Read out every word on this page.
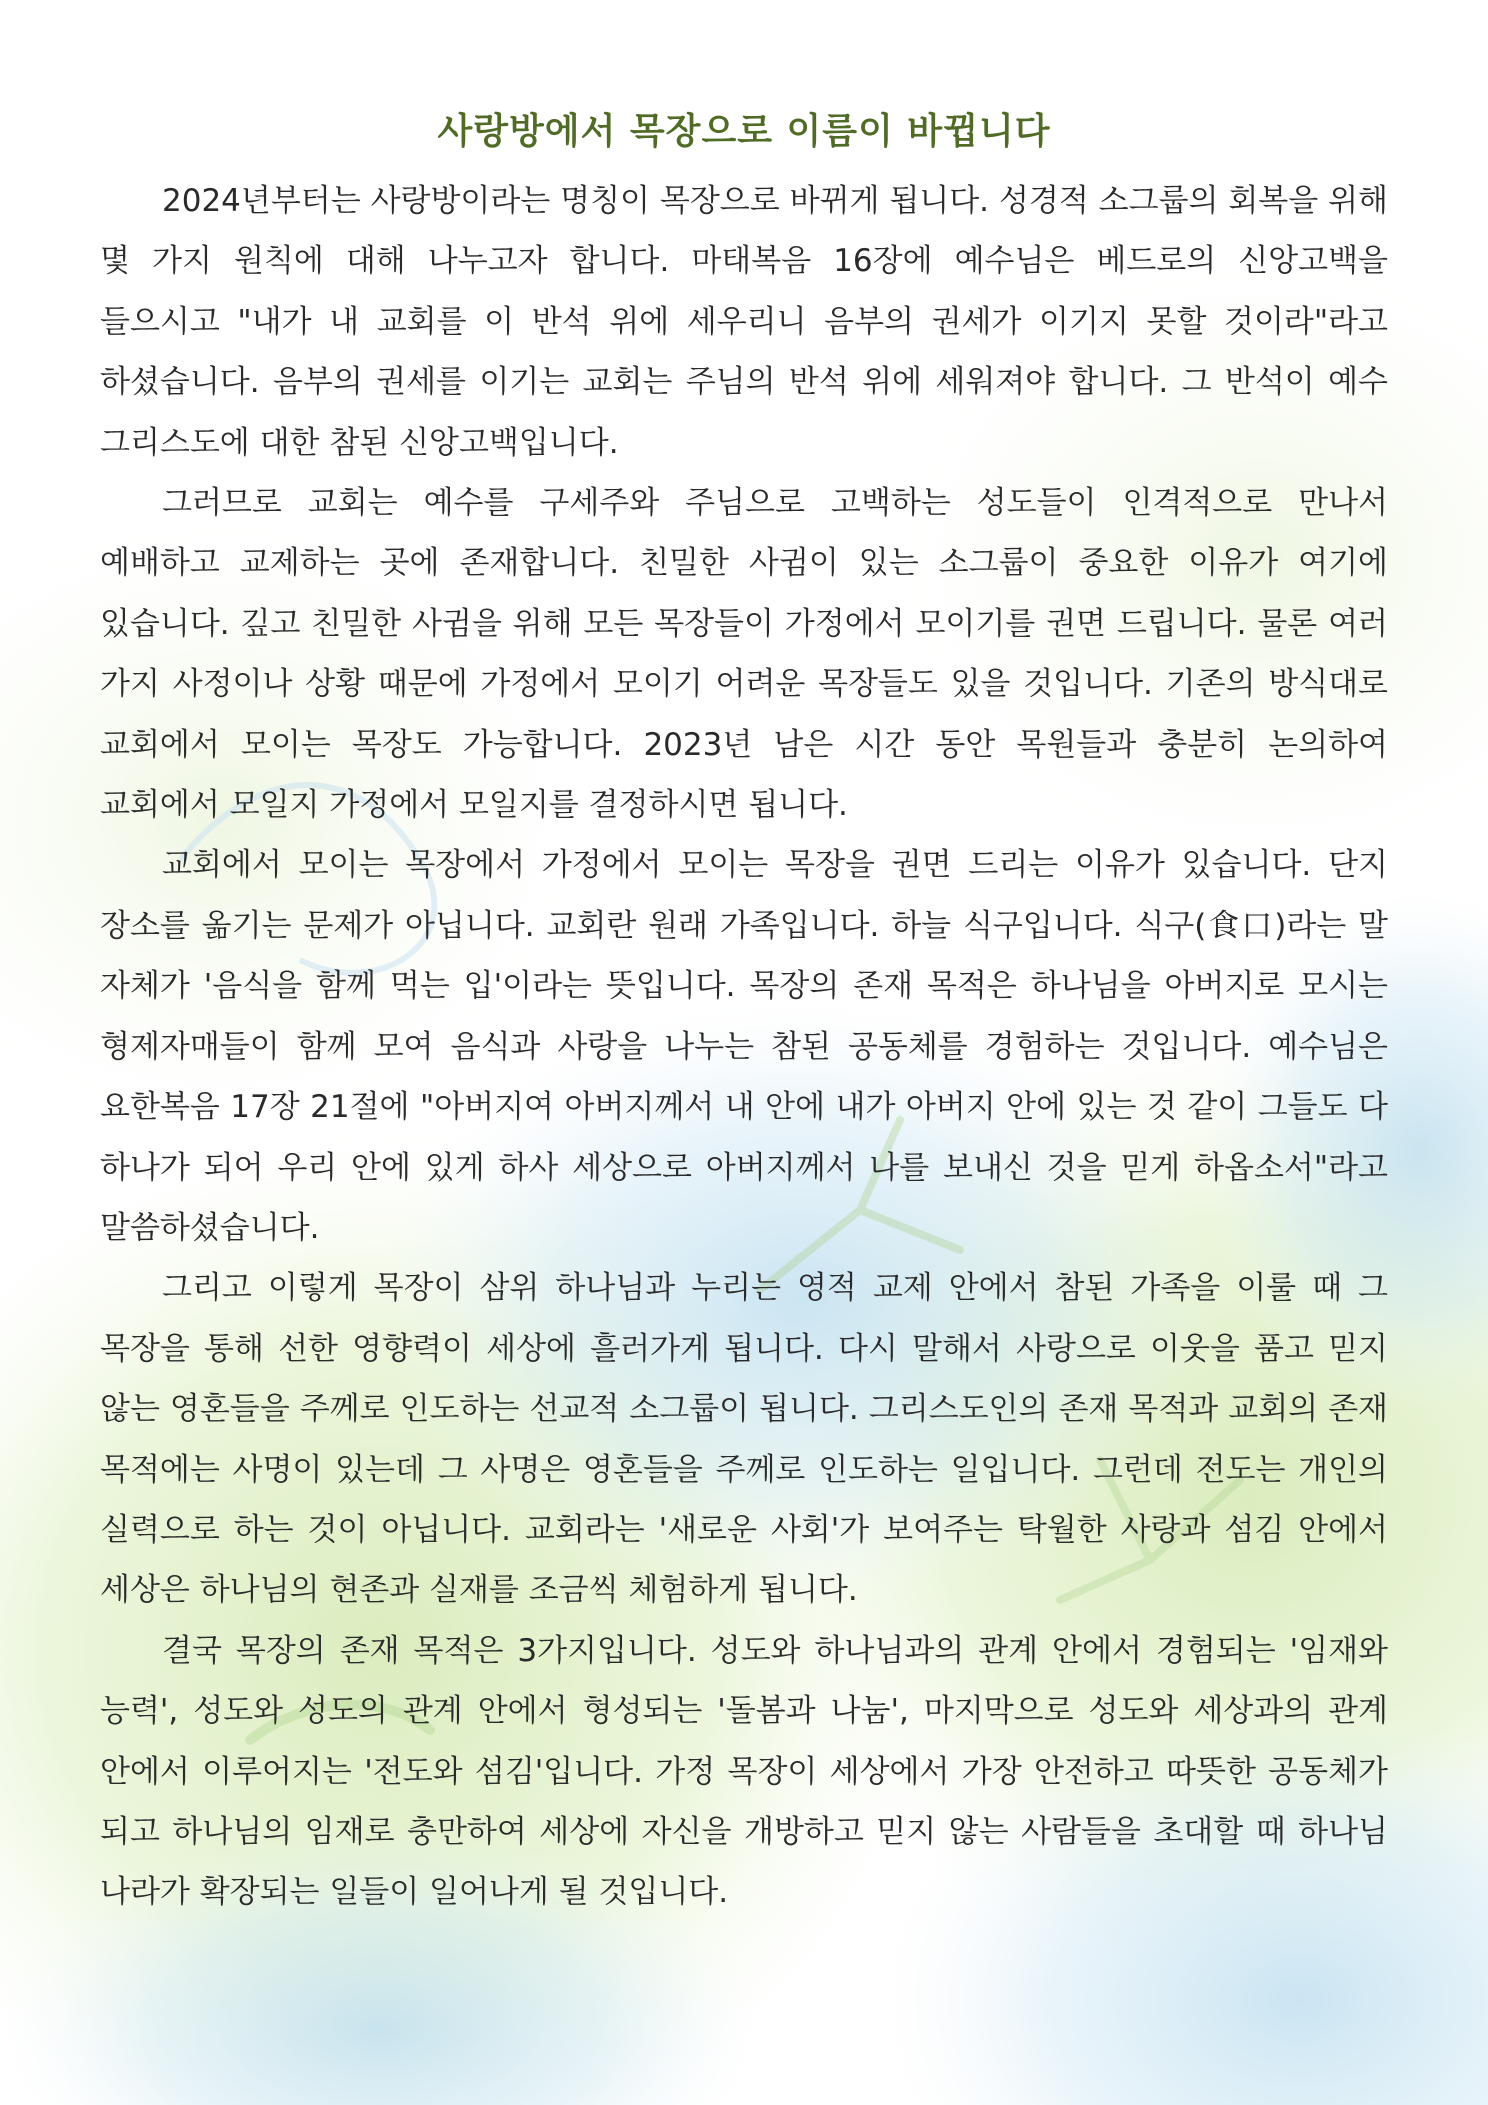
사랑방에서 목장으로 이름이 바뀝니다

2024년부터는 사랑방이라는 명칭이 목장으로 바뀌게 됩니다. 성경적 소그룹의 회복을 위해 몇 가지 원칙에 대해 나누고자 합니다. 마태복음 16장에 예수님은 베드로의 신앙고백을 들으시고 "내가 내 교회를 이 반석 위에 세우리니 음부의 권세가 이기지 못할 것이라"라고 하셨습니다. 음부의 권세를 이기는 교회는 주님의 반석 위에 세워져야 합니다. 그 반석이 예수 그리스도에 대한 참된 신앙고백입니다.

그러므로 교회는 예수를 구세주와 주님으로 고백하는 성도들이 인격적으로 만나서 예배하고 교제하는 곳에 존재합니다. 친밀한 사귐이 있는 소그룹이 중요한 이유가 여기에 있습니다. 깊고 친밀한 사귐을 위해 모든 목장들이 가정에서 모이기를 권면 드립니다. 물론 여러 가지 사정이나 상황 때문에 가정에서 모이기 어려운 목장들도 있을 것입니다. 기존의 방식대로 교회에서 모이는 목장도 가능합니다. 2023년 남은 시간 동안 목원들과 충분히 논의하여 교회에서 모일지 가정에서 모일지를 결정하시면 됩니다.

교회에서 모이는 목장에서 가정에서 모이는 목장을 권면 드리는 이유가 있습니다. 단지 장소를 옮기는 문제가 아닙니다. 교회란 원래 가족입니다. 하늘 식구입니다. 식구(食口)라는 말 자체가 '음식을 함께 먹는 입'이라는 뜻입니다. 목장의 존재 목적은 하나님을 아버지로 모시는 형제자매들이 함께 모여 음식과 사랑을 나누는 참된 공동체를 경험하는 것입니다. 예수님은 요한복음 17장 21절에 "아버지여 아버지께서 내 안에 내가 아버지 안에 있는 것 같이 그들도 다 하나가 되어 우리 안에 있게 하사 세상으로 아버지께서 나를 보내신 것을 믿게 하옵소서"라고 말씀하셨습니다.

그리고 이렇게 목장이 삼위 하나님과 누리는 영적 교제 안에서 참된 가족을 이룰 때 그 목장을 통해 선한 영향력이 세상에 흘러가게 됩니다. 다시 말해서 사랑으로 이웃을 품고 믿지 않는 영혼들을 주께로 인도하는 선교적 소그룹이 됩니다. 그리스도인의 존재 목적과 교회의 존재 목적에는 사명이 있는데 그 사명은 영혼들을 주께로 인도하는 일입니다. 그런데 전도는 개인의 실력으로 하는 것이 아닙니다. 교회라는 '새로운 사회'가 보여주는 탁월한 사랑과 섬김 안에서 세상은 하나님의 현존과 실재를 조금씩 체험하게 됩니다.

결국 목장의 존재 목적은 3가지입니다. 성도와 하나님과의 관계 안에서 경험되는 '임재와 능력', 성도와 성도의 관계 안에서 형성되는 '돌봄과 나눔', 마지막으로 성도와 세상과의 관계 안에서 이루어지는 '전도와 섬김'입니다. 가정 목장이 세상에서 가장 안전하고 따뜻한 공동체가 되고 하나님의 임재로 충만하여 세상에 자신을 개방하고 믿지 않는 사람들을 초대할 때 하나님 나라가 확장되는 일들이 일어나게 될 것입니다.
